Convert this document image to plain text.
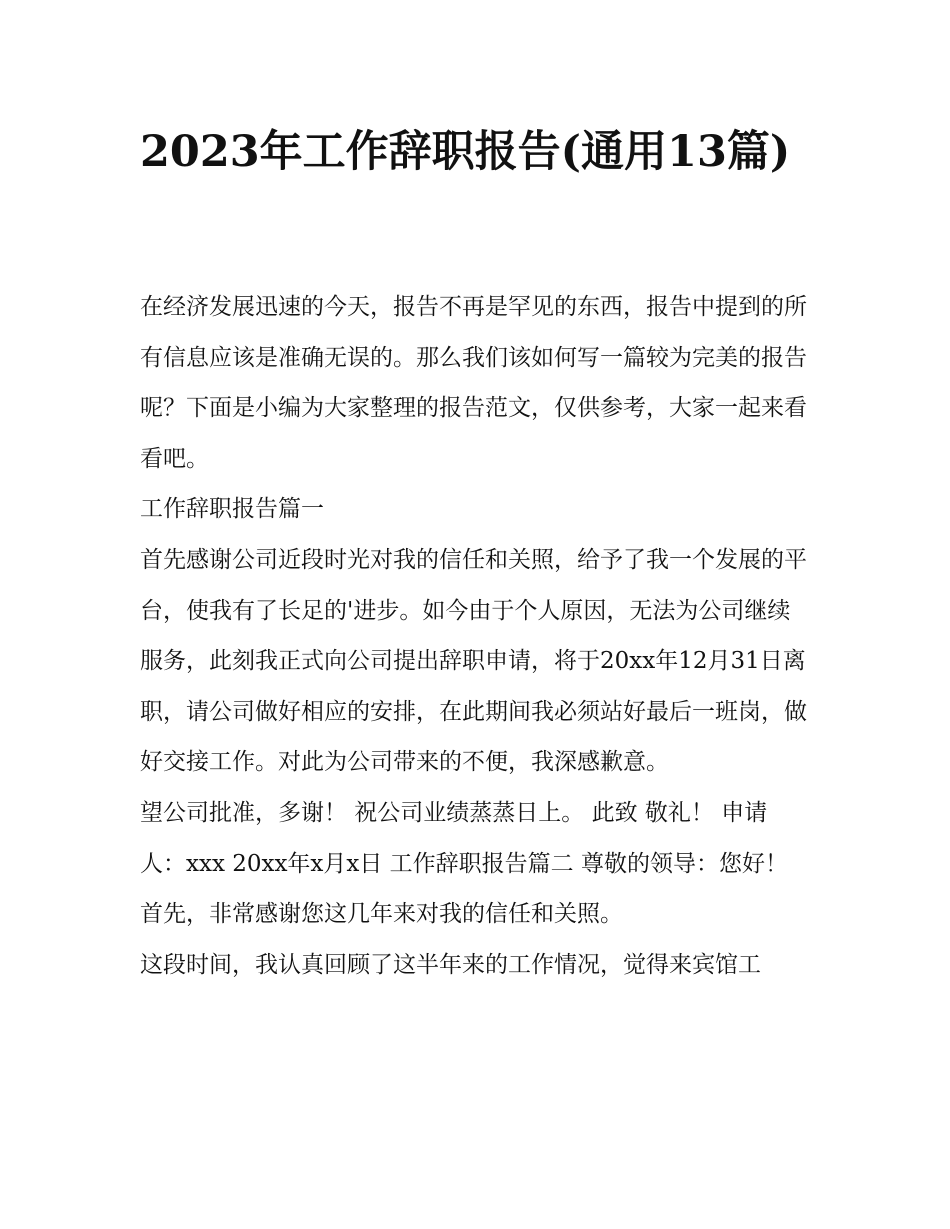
2023年工作辞职报告(通用13篇)

在经济发展迅速的今天，报告不再是罕见的东西，报告中提到的所有信息应该是准确无误的。那么我们该如何写一篇较为完美的报告呢？下面是小编为大家整理的报告范文，仅供参考，大家一起来看看吧。

工作辞职报告篇一

首先感谢公司近段时光对我的信任和关照，给予了我一个发展的平台，使我有了长足的'进步。如今由于个人原因，无法为公司继续服务，此刻我正式向公司提出辞职申请，将于20xx年12月31日离职，请公司做好相应的安排，在此期间我必须站好最后一班岗，做好交接工作。对此为公司带来的不便，我深感歉意。

望公司批准，多谢！ 祝公司业绩蒸蒸日上。 此致 敬礼！ 申请人：xxx 20xx年x月x日 工作辞职报告篇二 尊敬的领导：您好！

首先，非常感谢您这几年来对我的信任和关照。

这段时间，我认真回顾了这半年来的工作情况，觉得来宾馆工
